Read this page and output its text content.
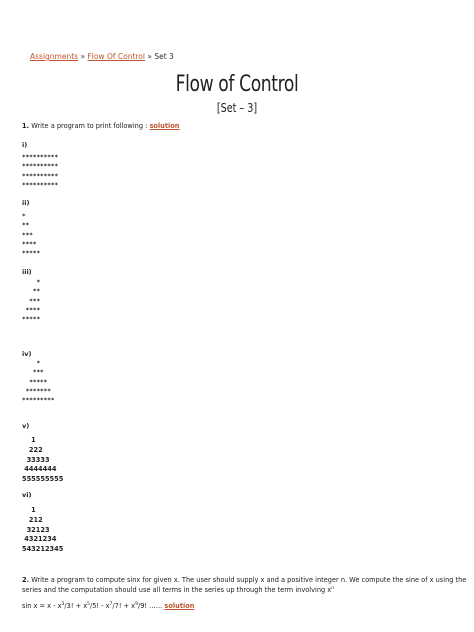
Assignments » Flow Of Control » Set 3
Flow of Control
[Set – 3]
1. Write a program to print following : solution
i)
**********
**********
**********
**********
ii)
*
**
***
****
*****
iii)
*
**
***
****
*****
iv)
*
***
*****
*******
*********
v)
1
222
33333
4444444
555555555
vi)
1
212
32123
4321234
543212345
2. Write a program to compute sinx for given x. The user should supply x and a positive integer n. We compute the sine of x using the
series and the computation should use all terms in the series up through the term involving $x^n$
$\sin x = x - x^3/3$! + $x^5/5$! - $x^7/7$! + $x^9/9$! …… solution
